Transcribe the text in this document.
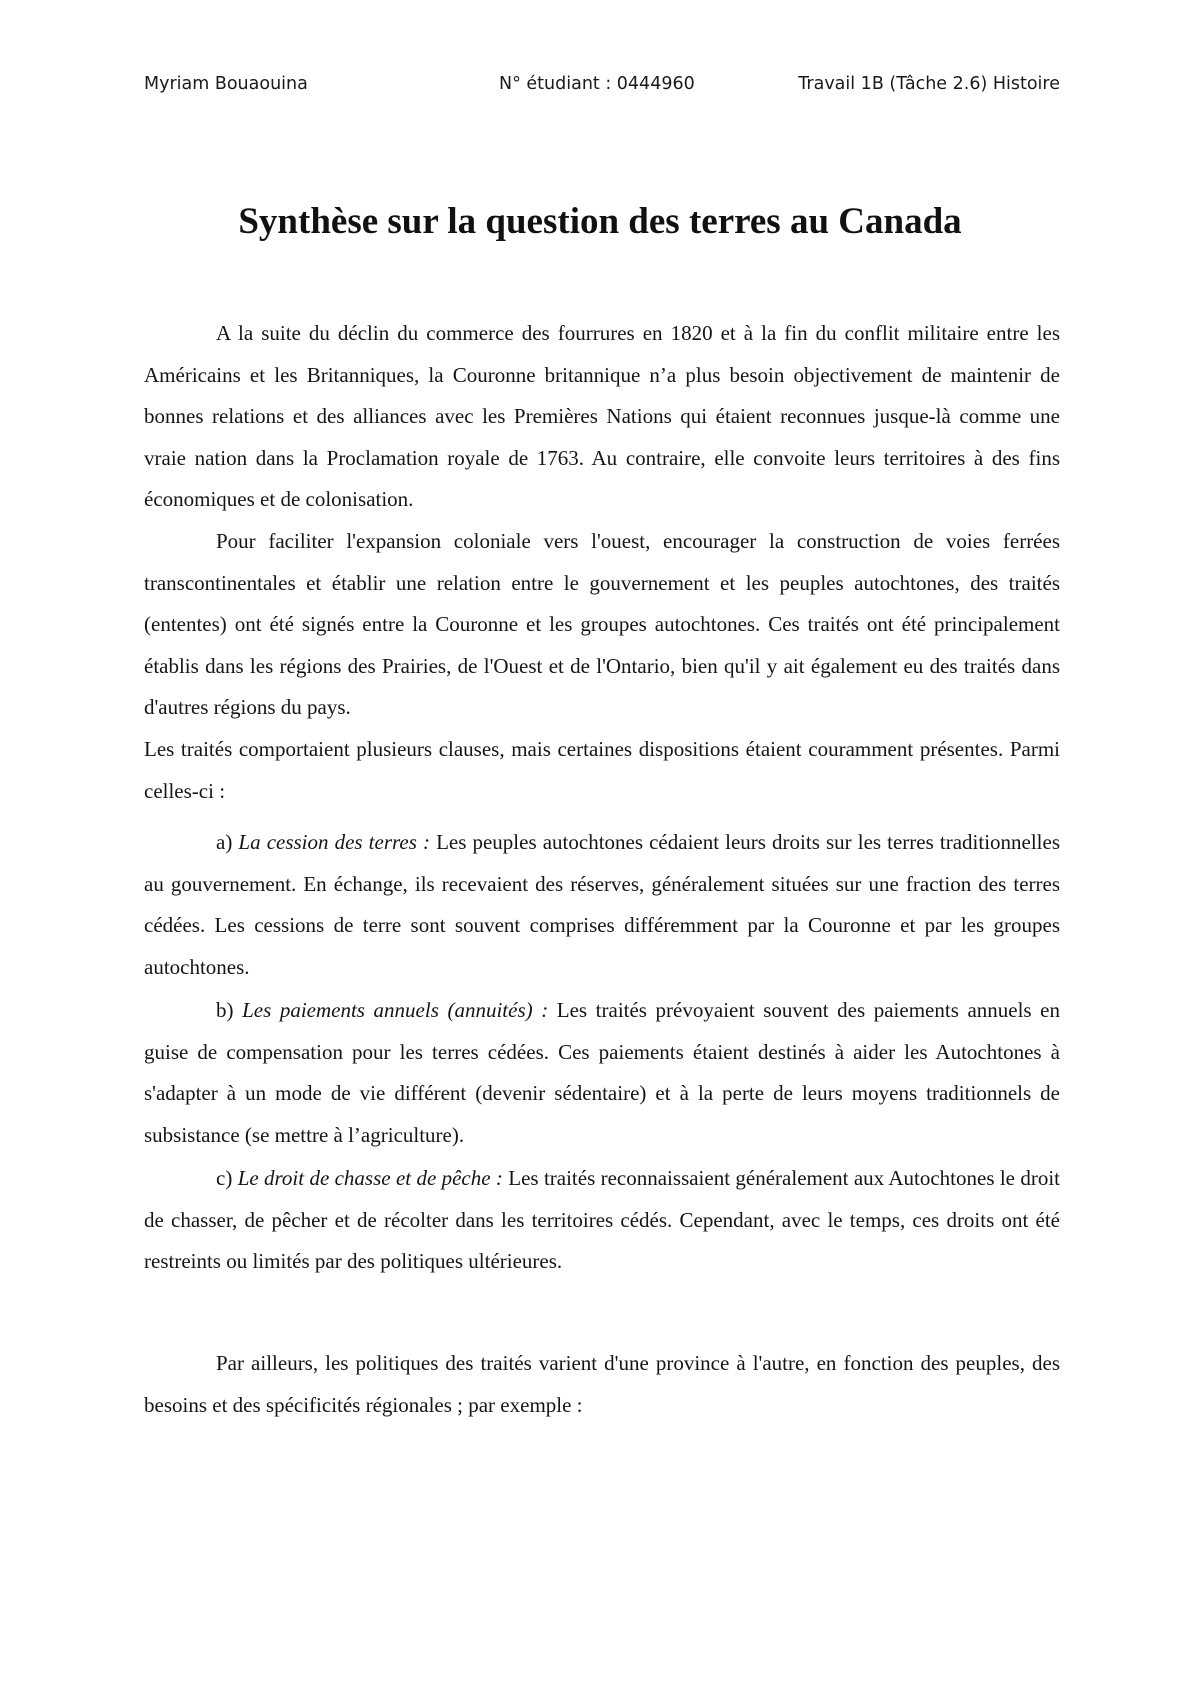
Myriam Bouaouina	N° étudiant : 0444960	Travail 1B (Tâche 2.6) Histoire
Synthèse sur la question des terres au Canada

A la suite du déclin du commerce des fourrures en 1820 et à la fin du conflit militaire entre les Américains et les Britanniques, la Couronne britannique n’a plus besoin objectivement de maintenir de bonnes relations et des alliances avec les Premières Nations qui étaient reconnues jusque-là comme une vraie nation dans la Proclamation royale de 1763. Au contraire, elle convoite leurs territoires à des fins économiques et de colonisation.

Pour faciliter l'expansion coloniale vers l'ouest, encourager la construction de voies ferrées transcontinentales et établir une relation entre le gouvernement et les peuples autochtones, des traités (ententes) ont été signés entre la Couronne et les groupes autochtones. Ces traités ont été principalement établis dans les régions des Prairies, de l'Ouest et de l'Ontario, bien qu'il y ait également eu des traités dans d'autres régions du pays.

Les traités comportaient plusieurs clauses, mais certaines dispositions étaient couramment présentes. Parmi celles-ci :

a) La cession des terres : Les peuples autochtones cédaient leurs droits sur les terres traditionnelles au gouvernement. En échange, ils recevaient des réserves, généralement situées sur une fraction des terres cédées. Les cessions de terre sont souvent comprises différemment par la Couronne et par les groupes autochtones.

b) Les paiements annuels (annuités) : Les traités prévoyaient souvent des paiements annuels en guise de compensation pour les terres cédées. Ces paiements étaient destinés à aider les Autochtones à s'adapter à un mode de vie différent (devenir sédentaire) et à la perte de leurs moyens traditionnels de subsistance (se mettre à l’agriculture).

c) Le droit de chasse et de pêche : Les traités reconnaissaient généralement aux Autochtones le droit de chasser, de pêcher et de récolter dans les territoires cédés. Cependant, avec le temps, ces droits ont été restreints ou limités par des politiques ultérieures.

Par ailleurs, les politiques des traités varient d'une province à l'autre, en fonction des peuples, des besoins et des spécificités régionales ; par exemple :
